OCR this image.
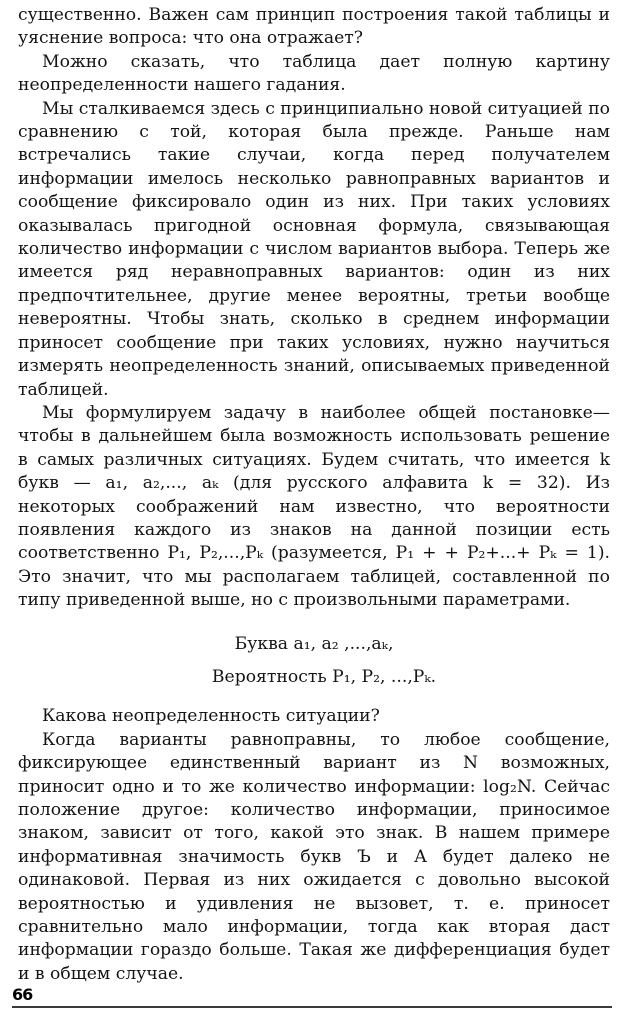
существенно. Важен сам принцип построения такой таблицы и уяснение вопроса: что она отражает?

Можно сказать, что таблица дает полную картину неопределенности нашего гадания.

Мы сталкиваемся здесь с принципиально новой ситуацией по сравнению с той, которая была прежде. Раньше нам встречались такие случаи, когда перед получателем информации имелось несколько равноправных вариантов и сообщение фиксировало один из них. При таких условиях оказывалась пригодной основная формула, связывающая количество информации с числом вариантов выбора. Теперь же имеется ряд неравноправных вариантов: один из них предпочтительнее, другие менее вероятны, третьи вообще невероятны. Чтобы знать, сколько в среднем информации приносет сообщение при таких условиях, нужно научиться измерять неопределенность знаний, описываемых приведенной таблицей.

Мы формулируем задачу в наиболее общей постановке— чтобы в дальнейшем была возможность использовать решение в самых различных ситуациях. Будем считать, что имеется k букв — a₁, a₂,..., aₖ (для русского алфавита k = 32). Из некоторых соображений нам известно, что вероятности появления каждого из знаков на данной позиции есть соответственно P₁, P₂,...,Pₖ (разумеется, P₁ + + P₂+...+ Pₖ = 1). Это значит, что мы располагаем таблицей, составленной по типу приведенной выше, но с произвольными параметрами.

Буква a₁, a₂ ,...,aₖ,

Вероятность P₁, P₂, ...,Pₖ.

Какова неопределенность ситуации?

Когда варианты равноправны, то любое сообщение, фиксирующее единственный вариант из N возможных, приносит одно и то же количество информации: log₂N. Сейчас положение другое: количество информации, приносимое знаком, зависит от того, какой это знак. В нашем примере информативная значимость букв Ъ и А будет далеко не одинаковой. Первая из них ожидается с довольно высокой вероятностью и удивления не вызовет, т. е. приносет сравнительно мало информации, тогда как вторая даст информации гораздо больше. Такая же дифференциация будет и в общем случае.

66
